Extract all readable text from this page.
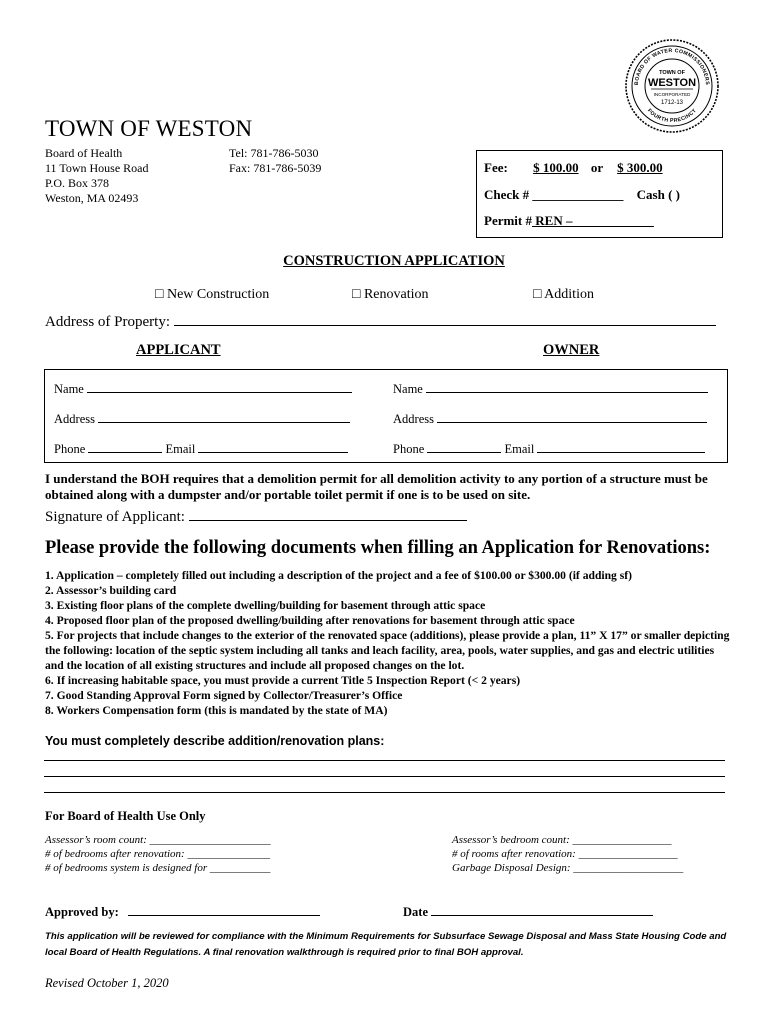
BOARD OF WATER COMMISSIONERS
FOURTH PRECINCT
TOWN OF
WESTON
INCORPORATED
1712-13
TOWN OF WESTON
Board of Health
11 Town House Road
P.O. Box 378
Weston, MA 02493
Tel: 781-786-5030
Fax: 781-786-5039	Fee: $ 100.00 or $ 300.00
Check # ______________ Cash ( )
Permit # REN – ____________
CONSTRUCTION APPLICATION
□ New Construction	□ Renovation	□ Addition
Address of Property:
APPLICANT	OWNER
Name
Address
Phone	Email
Name
Address
Phone	Email
I understand the BOH requires that a demolition permit for all demolition activity to any portion of a structure must be obtained along with a dumpster and/or portable toilet permit if one is to be used on site.
Signature of Applicant:
Please provide the following documents when filling an Application for Renovations:
1. Application – completely filled out including a description of the project and a fee of $100.00 or $300.00 (if adding sf)
2. Assessor’s building card
3. Existing floor plans of the complete dwelling/building for basement through attic space
4. Proposed floor plan of the proposed dwelling/building after renovations for basement through attic space
5. For projects that include changes to the exterior of the renovated space (additions), please provide a plan, 11” X 17” or smaller depicting the following: location of the septic system including all tanks and leach facility, area, pools, water supplies, and gas and electric utilities and the location of all existing structures and include all proposed changes on the lot.
6. If increasing habitable space, you must provide a current Title 5 Inspection Report (< 2 years)
7. Good Standing Approval Form signed by Collector/Treasurer’s Office
8. Workers Compensation form (this is mandated by the state of MA)
You must completely describe addition/renovation plans:
For Board of Health Use Only
Assessor’s room count: ______________________
# of bedrooms after renovation: _______________
# of bedrooms system is designed for ___________
Assessor’s bedroom count: __________________
# of rooms after renovation: __________________
Garbage Disposal Design: ____________________
Approved by:	Date
This application will be reviewed for compliance with the Minimum Requirements for Subsurface Sewage Disposal and Mass State Housing Code and local Board of Health Regulations. A final renovation walkthrough is required prior to final BOH approval.
Revised October 1, 2020
